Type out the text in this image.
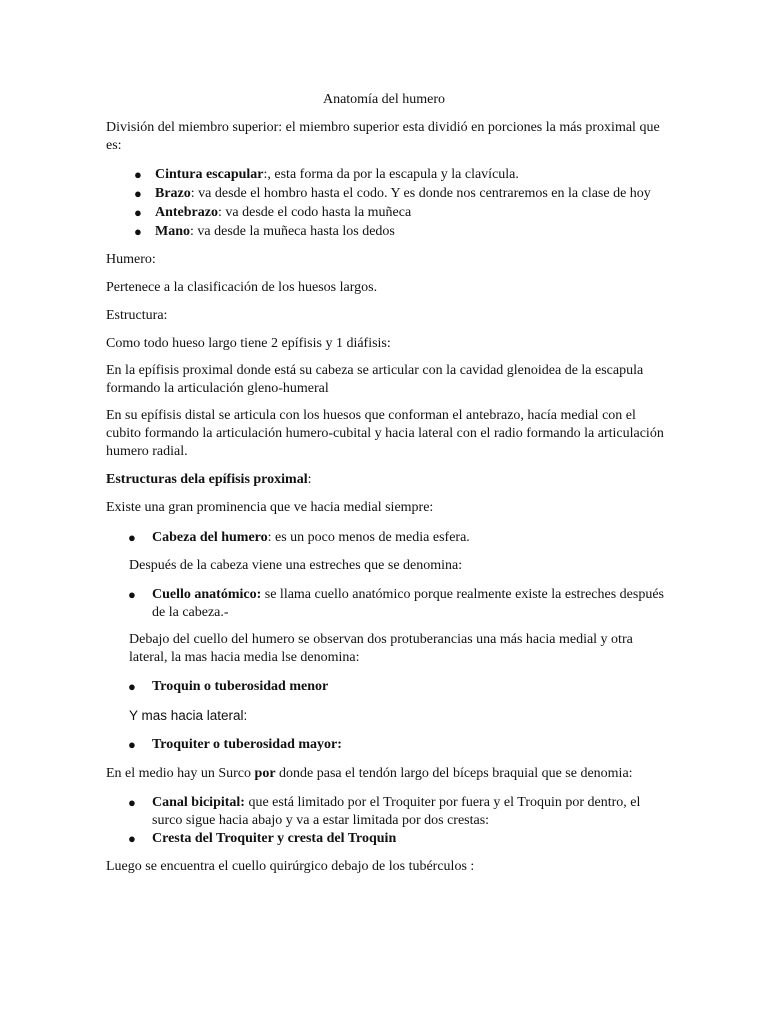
Anatomía del humero
División del miembro superior: el miembro superior esta dividió en porciones la más proximal que es:
● Cintura escapular:, esta forma da por la escapula y la clavícula.
● Brazo: va desde el hombro hasta el codo. Y es donde nos centraremos en la clase de hoy
● Antebrazo: va desde el codo hasta la muñeca
● Mano: va desde la muñeca hasta los dedos
Humero:
Pertenece a la clasificación de los huesos largos.
Estructura:
Como todo hueso largo tiene 2 epífisis y 1 diáfisis:
En la epífisis proximal donde está su cabeza se articular con la cavidad glenoidea de la escapula formando la articulación gleno-humeral
En su epífisis distal se articula con los huesos que conforman el antebrazo, hacía medial con el cubito formando la articulación humero-cubital y hacia lateral con el radio formando la articulación humero radial.
Estructuras dela epífisis proximal:
Existe una gran prominencia que ve hacia medial siempre:
● Cabeza del humero: es un poco menos de media esfera.
Después de la cabeza viene una estreches que se denomina:
● Cuello anatómico: se llama cuello anatómico porque realmente existe la estreches después de la cabeza.-
Debajo del cuello del humero se observan dos protuberancias una más hacia medial y otra lateral, la mas hacia media lse denomina:
● Troquin o tuberosidad menor
Y mas hacia lateral:
● Troquiter o tuberosidad mayor:
En el medio hay un Surco por donde pasa el tendón largo del bíceps braquial que se denomia:
● Canal bicipital: que está limitado por el Troquiter por fuera y el Troquin por dentro, el surco sigue hacia abajo y va a estar limitada por dos crestas:
● Cresta del Troquiter y cresta del Troquin
Luego se encuentra el cuello quirúrgico debajo de los tubérculos :
